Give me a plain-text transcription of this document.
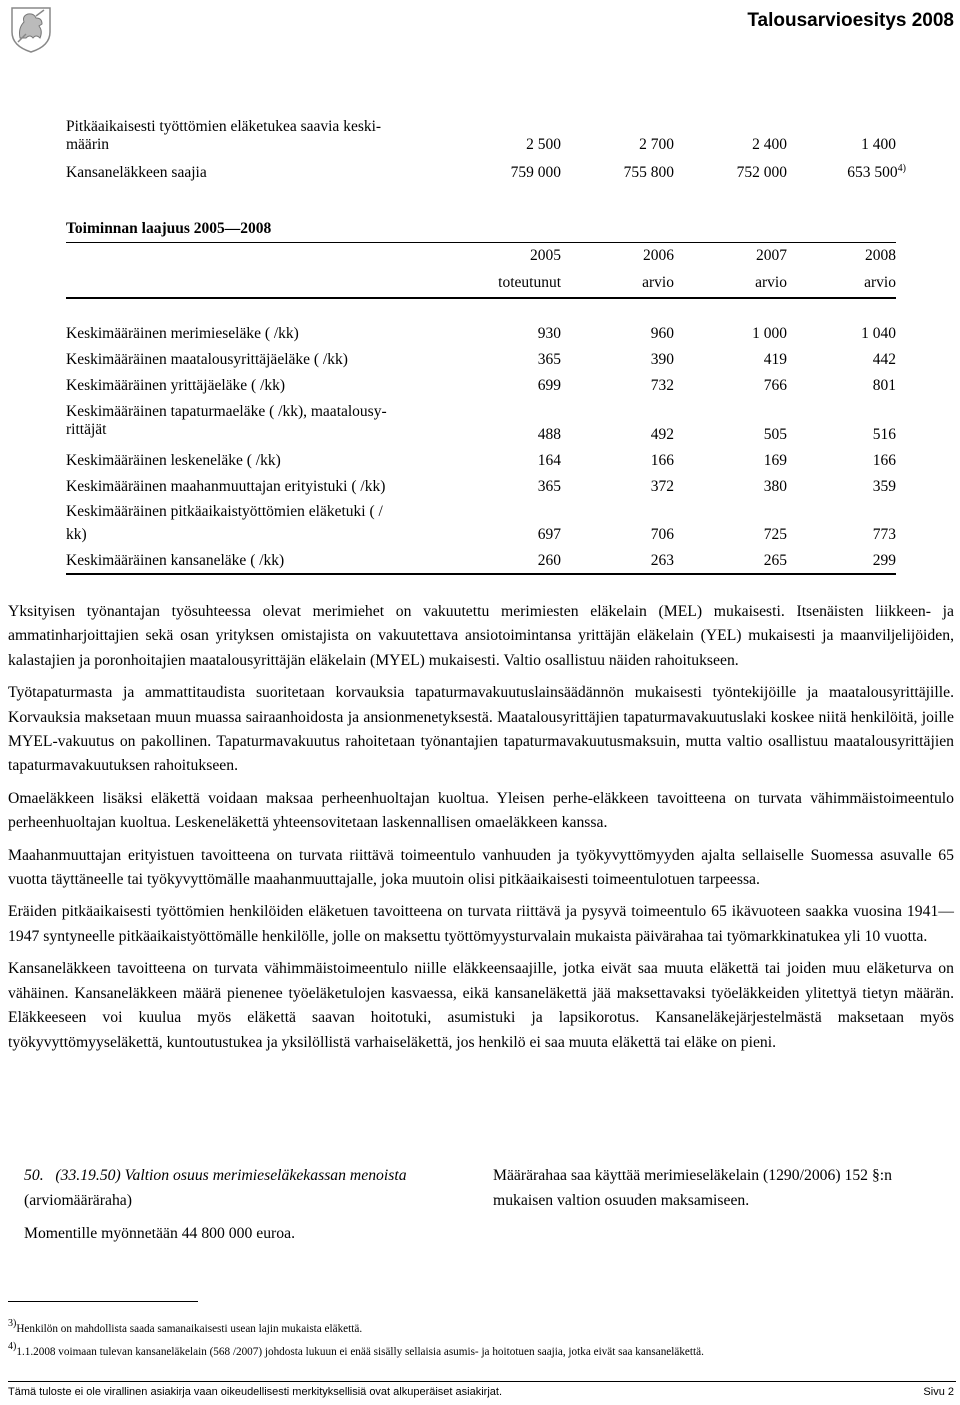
Talousarvioesitys 2008
Pitkäaikaisesti työttömien eläketukea saavia keski-
määrin	2 500	2 700	2 400	1 400
Kansaneläkkeen saajia	759 000	755 800	752 000	653 500$^{4)}$
Toiminnan laajuus 2005—2008
2005	2006	2007	2008
toteutunut	arvio	arvio	arvio
Keskimääräinen merimieseläke ( /kk)	930	960	1 000	1 040
Keskimääräinen maatalousyrittäjäeläke ( /kk)	365	390	419	442
Keskimääräinen yrittäjäeläke ( /kk)	699	732	766	801
Keskimääräinen tapaturmaeläke ( /kk), maatalousy-
rittäjät	488	492	505	516
Keskimääräinen leskeneläke ( /kk)	164	166	169	166
Keskimääräinen maahanmuuttajan erityistuki ( /kk)	365	372	380	359
Keskimääräinen pitkäaikaistyöttömien eläketuki ( /
kk)	697	706	725	773
Keskimääräinen kansaneläke ( /kk)	260	263	265	299

Yksityisen työnantajan työsuhteessa olevat merimiehet on vakuutettu merimiesten eläkelain (MEL) mukaisesti. Itsenäisten liikkeen- ja ammatinharjoittajien sekä osan yrityksen omistajista on vakuutettava ansiotoimintansa yrittäjän eläkelain (YEL) mukaisesti ja maanviljelijöiden, kalastajien ja poronhoitajien maatalousyrittäjän eläkelain (MYEL) mukaisesti. Valtio osallistuu näiden rahoitukseen.

Työtapaturmasta ja ammattitaudista suoritetaan korvauksia tapaturmavakuutuslainsäädännön mukaisesti työntekijöille ja maatalousyrittäjille. Korvauksia maksetaan muun muassa sairaanhoidosta ja ansionmenetyksestä. Maatalousyrittäjien tapaturmavakuutuslaki koskee niitä henkilöitä, joille MYEL-vakuutus on pakollinen. Tapaturmavakuutus rahoitetaan työnantajien tapaturmavakuutusmaksuin, mutta valtio osallistuu maatalousyrittäjien tapaturmavakuutuksen rahoitukseen.

Omaeläkkeen lisäksi eläkettä voidaan maksaa perheenhuoltajan kuoltua. Yleisen perhe-eläkkeen tavoitteena on turvata vähimmäistoimeentulo perheenhuoltajan kuoltua. Leskeneläkettä yhteensovitetaan laskennallisen omaeläkkeen kanssa.

Maahanmuuttajan erityistuen tavoitteena on turvata riittävä toimeentulo vanhuuden ja työkyvyttömyyden ajalta sellaiselle Suomessa asuvalle 65 vuotta täyttäneelle tai työkyvyttömälle maahanmuuttajalle, joka muutoin olisi pitkäaikaisesti toimeentulotuen tarpeessa.

Eräiden pitkäaikaisesti työttömien henkilöiden eläketuen tavoitteena on turvata riittävä ja pysyvä toimeentulo 65 ikävuoteen saakka vuosina 1941—1947 syntyneelle pitkäaikaistyöttömälle henkilölle, jolle on maksettu työttömyysturvalain mukaista päivärahaa tai työmarkkinatukea yli 10 vuotta.

Kansaneläkkeen tavoitteena on turvata vähimmäistoimeentulo niille eläkkeensaajille, jotka eivät saa muuta eläkettä tai joiden muu eläketurva on vähäinen. Kansaneläkkeen määrä pienenee työeläketulojen kasvaessa, eikä kansaneläkettä jää maksettavaksi työeläkkeiden ylitettyä tietyn määrän. Eläkkeeseen voi kuulua myös eläkettä saavan hoitotuki, asumistuki ja lapsikorotus. Kansaneläkejärjestelmästä maksetaan myös työkyvyttömyyseläkettä, kuntoutustukea ja yksilöllistä varhaiseläkettä, jos henkilö ei saa muuta eläkettä tai eläke on pieni.

50. (33.19.50) Valtion osuus merimieseläkekassan menoista (arviomääräraha)
Momentille myönnetään 44 800 000 euroa.
Määrärahaa saa käyttää merimieseläkelain (1290/2006) 152 §:n mukaisen valtion osuuden maksamiseen.
$^{3)}$Henkilön on mahdollista saada samanaikaisesti usean lajin mukaista eläkettä.
$^{4)}$1.1.2008 voimaan tulevan kansaneläkelain (568 /2007) johdosta lukuun ei enää sisälly sellaisia asumis- ja hoitotuen saajia, jotka eivät saa kansaneläkettä.
Tämä tuloste ei ole virallinen asiakirja vaan oikeudellisesti merkityksellisiä ovat alkuperäiset asiakirjat.	Sivu 2
